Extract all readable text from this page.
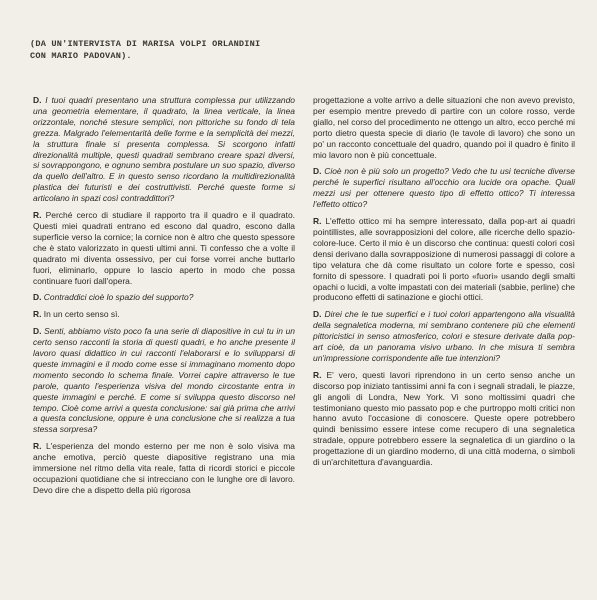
(DA UN'INTERVISTA DI MARISA VOLPI ORLANDINI
CON MARIO PADOVAN).

D. I tuoi quadri presentano una struttura complessa pur utilizzando una geometria elementare, il quadrato, la linea verticale, la linea orizzontale, nonché stesure semplici, non pittoriche su fondo di tela grezza. Malgrado l'elementarità delle forme e la semplicità dei mezzi, la struttura finale si presenta complessa. Si scorgono infatti direzionalità multiple, questi quadrati sembrano creare spazi diversi, si sovrappongono, e ognuno sembra postulare un suo spazio, diverso da quello dell'altro. E in questo senso ricordano la multidirezionalità plastica dei futuristi e dei costruttivisti. Perché queste forme si articolano in spazi così contraddittori?

R. Perché cerco di studiare il rapporto tra il quadro e il quadrato. Questi miei quadrati entrano ed escono dal quadro, escono dalla superficie verso la cornice; la cornice non è altro che questo spessore che è stato valorizzato in questi ultimi anni. Ti confesso che a volte il quadrato mi diventa ossessivo, per cui forse vorrei anche buttarlo fuori, eliminarlo, oppure lo lascio aperto in modo che possa continuare fuori dall'opera.

D. Contraddici cioè lo spazio del supporto?

R. In un certo senso sì.

D. Senti, abbiamo visto poco fa una serie di diapositive in cui tu in un certo senso racconti la storia di questi quadri, e ho anche presente il lavoro quasi didattico in cui racconti l'elaborarsi e lo svilupparsi di queste immagini e il modo come esse si immaginano momento dopo momento secondo lo schema finale. Vorrei capire attraverso le tue parole, quanto l'esperienza visiva del mondo circostante entra in queste immagini e perché. E come si sviluppa questo discorso nel tempo. Cioè come arrivi a questa conclusione: sai già prima che arrivi a questa conclusione, oppure è una conclusione che si realizza a tua stessa sorpresa?

R. L'esperienza del mondo esterno per me non è solo visiva ma anche emotiva, perciò queste diapositive registrano una mia immersione nel ritmo della vita reale, fatta di ricordi storici e piccole occupazioni quotidiane che si intrecciano con le lunghe ore di lavoro. Devo dire che a dispetto della più rigorosa

progettazione a volte arrivo a delle situazioni che non avevo previsto, per esempio mentre prevedo di partire con un colore rosso, verde giallo, nel corso del procedimento ne ottengo un altro, ecco perché mi porto dietro questa specie di diario (le tavole di lavoro) che sono un po' un racconto concettuale del quadro, quando poi il quadro è finito il mio lavoro non è più concettuale.

D. Cioè non è più solo un progetto? Vedo che tu usi tecniche diverse perché le superfici risultano all'occhio ora lucide ora opache. Quali mezzi usi per ottenere questo tipo di effetto ottico? Ti interessa l'effetto ottico?

R. L'effetto ottico mi ha sempre interessato, dalla pop-art ai quadri pointillistes, alle sovrapposizioni del colore, alle ricerche dello spazio-colore-luce. Certo il mio è un discorso che continua: questi colori così densi derivano dalla sovrapposizione di numerosi passaggi di colore a tipo velatura che dà come risultato un colore forte e spesso, così fornito di spessore. I quadrati poi li porto «fuori» usando degli smalti opachi o lucidi, a volte impastati con dei materiali (sabbie, perline) che producono effetti di satinazione e giochi ottici.

D. Direi che le tue superfici e i tuoi colori appartengono alla visualità della segnaletica moderna, mi sembrano contenere più che elementi pittoricistici in senso atmosferico, colori e stesure derivate dalla pop-art cioè, da un panorama visivo urbano. In che misura ti sembra un'impressione corrispondente alle tue intenzioni?

R. E' vero, questi lavori riprendono in un certo senso anche un discorso pop iniziato tantissimi anni fa con i segnali stradali, le piazze, gli angoli di Londra, New York. Vi sono moltissimi quadri che testimoniano questo mio passato pop e che purtroppo molti critici non hanno avuto l'occasione di conoscere. Queste opere potrebbero quindi benissimo essere intese come recupero di una segnaletica stradale, oppure potrebbero essere la segnaletica di un giardino o la progettazione di un giardino moderno, di una città moderna, o simboli di un'architettura d'avanguardia.
